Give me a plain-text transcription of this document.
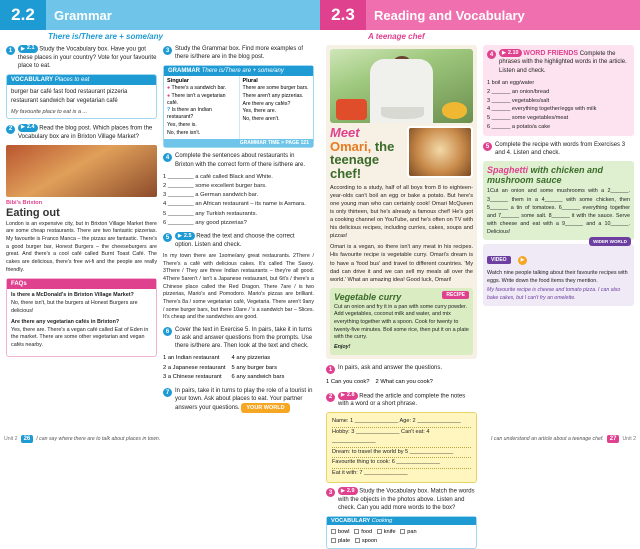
2.2	Grammar
There is/There are + some/any
1	▶ 2.1 Study the Vocabulary box. Have you got these places in your country? Vote for your favourite place to eat.
VOCABULARY Places to eat
burger bar café fast food restaurant pizzeria restaurant sandwich bar vegetarian café
My favourite place to eat is a ...
2	▶ 2.4 Read the blog post. Which places from the Vocabulary box are in Brixton Village Market?
Bibi's Brixton
Eating out
London is an expensive city, but in Brixton Village Market there are some cheap restaurants. There are two fantastic pizzerias. My favourite is Franco Manca – the pizzas are fantastic. There's a good burger bar, Honest Burgers – the cheeseburgers are great. And there's a cool café called Burnt Toast Café. The cakes are delicious, there's free wi-fi and the people are really friendly.
FAQs

Is there a McDonald's in Brixton Village Market?
No, there isn't, but the burgers at Honest Burgers are delicious!

Are there any vegetarian cafés in Brixton?
Yes, there are. There's a vegan café called Eat of Eden in the market. There are some other vegetarian and vegan cafés nearby.

3 Study the Grammar box. Find more examples of there is/there are in the blog post.
GRAMMAR There is/There are + some/any
Singular
● There's a sandwich bar.
● There isn't a vegetarian café.
? Is there an Indian restaurant?
Yes, there is.
No, there isn't.
Plural
There are some burger bars.
There aren't any pizzerias.
Are there any cafés?
Yes, there are.
No, there aren't.
GRAMMAR TIME > PAGE 121
4 Complete the sentences about restaurants in Brixton with the correct form of there is/there are.
1 ________ a café called Black and White.
2 ________ some excellent burger bars.
3 ________ a German sandwich bar.
4 ________ an African restaurant – its name is Asmara.
5 ________ any Turkish restaurants.
6 ________ any good pizzerias?
5	▶ 2.5 Read the text and choose the correct option. Listen and check.
In my town there are 1some/any great restaurants. 2There / There's a café with delicious cakes. It's called The Savoy. 3There / They are three Indian restaurants – they're all good. 4There 5aren't / isn't a Japanese restaurant, but 6it's / there's a Chinese place called the Red Dragon. There 7are / is two pizzerias, Mario's and Pomodoro. Mario's pizzas are brilliant. There's 8a / some vegetarian café, Vegetaria. There aren't 9any / some burger bars, but there 10are / 's a sandwich bar – Slices. It's cheap and the sandwiches are good.
6 Cover the text in Exercise 5. In pairs, take it in turns to ask and answer questions from the prompts. Use there is/there are. Then look at the text and check.
1 an Indian restaurant
2 a Japanese restaurant
3 a Chinese restaurant
4 any pizzerias
5 any burger bars
6 any sandwich bars
7 In pairs, take it in turns to play the role of a tourist in your town. Ask about places to eat. Your partner answers your questions. YOUR WORLD
Unit 2	26	I can say where there are to talk about places in town.
2.3	Reading and Vocabulary
A teenage chef
Meet Omari, the teenage chef!
According to a study, half of all boys from 8 to eighteen-year-olds can't boil an egg or bake a potato. But here's one young man who can certainly cook! Omari McQueen is only thirteen, but he's already a famous chef! He's got a cooking channel on YouTube, and he's often on TV with his delicious recipes, including curries, cakes, soups and pizzas!
Omari is a vegan, so there isn't any meat in his recipes. His favourite recipe is vegetable curry. Omari's dream is to have a 'food bus' and travel to different countries. 'My dad can drive it and we can sell my meals all over the world.' What an amazing idea! Good luck, Omari!
RECIPE
Vegetable curry

Cut an onion and fry it in a pan with some curry powder. Add vegetables, coconut milk and water, and mix everything together with a spoon. Cook for twenty to twenty-five minutes. Boil some rice, then put it on a plate with the curry.

Enjoy!

1 In pairs, ask and answer the questions.
1 Can you cook? 2 What can you cook?
2	▶ 2.8 Read the article and complete the notes with a word or a short phrase.
Name: 1 ______________ Age: 2 ______________
Hobby: 3 ______________ Can't eat: 4 ______________
Dream: to travel the world by 5 ______________
Favourite thing to cook: 6 ______________
Eat it with: 7 ______________
3	▶ 2.9 Study the Vocabulary box. Match the words with the objects in the photos above. Listen and check. Can you add more words to the box?
VOCABULARY Cooking
bowl food knife pan
plate spoon
4	▶ 2.10 WORD FRIENDS Complete the phrases with the highlighted words in the article. Listen and check.
1 boil an egg/water
2 ______ an onion/bread
3 ______ vegetables/salt
4 ______ everything together/eggs with milk
5 ______ some vegetables/meat
6 ______ a potato/a cake
5 Complete the recipe with words from Exercises 3 and 4. Listen and check.
Spaghetti with chicken and mushroom sauce
1Cut an onion and some mushrooms with a 2______. 3______ them in a 4______ with some chicken, then 5______ a tin of tomatoes. 6______ everything together and 7______ some salt. 8______ it with the sauce. Serve with cheese and eat with a 9______ and a 10______. Delicious!
WIDER WORLD
VIDEO	▶
Watch nine people talking about their favourite recipes with eggs. Write down the food items they mention.
My favourite recipe is cheese and tomato pizza. I can also bake cakes, but I can't fry an omelette.
I can understand an article about a teenage chef.	27	Unit 2
